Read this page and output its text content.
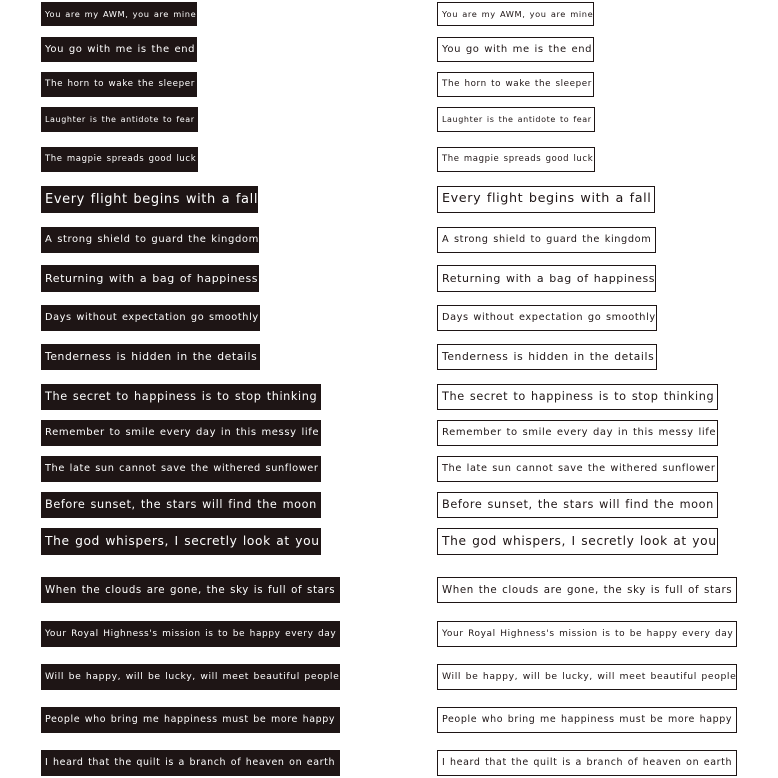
You are my AWM, you are mine	You are my AWM, you are mine
You go with me is the end	You go with me is the end
The horn to wake the sleeper	The horn to wake the sleeper
Laughter is the antidote to fear	Laughter is the antidote to fear
The magpie spreads good luck	The magpie spreads good luck
Every flight begins with a fall	Every flight begins with a fall
A strong shield to guard the kingdom	A strong shield to guard the kingdom
Returning with a bag of happiness	Returning with a bag of happiness
Days without expectation go smoothly	Days without expectation go smoothly
Tenderness is hidden in the details	Tenderness is hidden in the details
The secret to happiness is to stop thinking	The secret to happiness is to stop thinking
Remember to smile every day in this messy life	Remember to smile every day in this messy life
The late sun cannot save the withered sunflower	The late sun cannot save the withered sunflower
Before sunset, the stars will find the moon	Before sunset, the stars will find the moon
The god whispers, I secretly look at you	The god whispers, I secretly look at you
When the clouds are gone, the sky is full of stars	When the clouds are gone, the sky is full of stars
Your Royal Highness's mission is to be happy every day	Your Royal Highness's mission is to be happy every day
Will be happy, will be lucky, will meet beautiful people	Will be happy, will be lucky, will meet beautiful people
People who bring me happiness must be more happy	People who bring me happiness must be more happy
I heard that the quilt is a branch of heaven on earth	I heard that the quilt is a branch of heaven on earth
